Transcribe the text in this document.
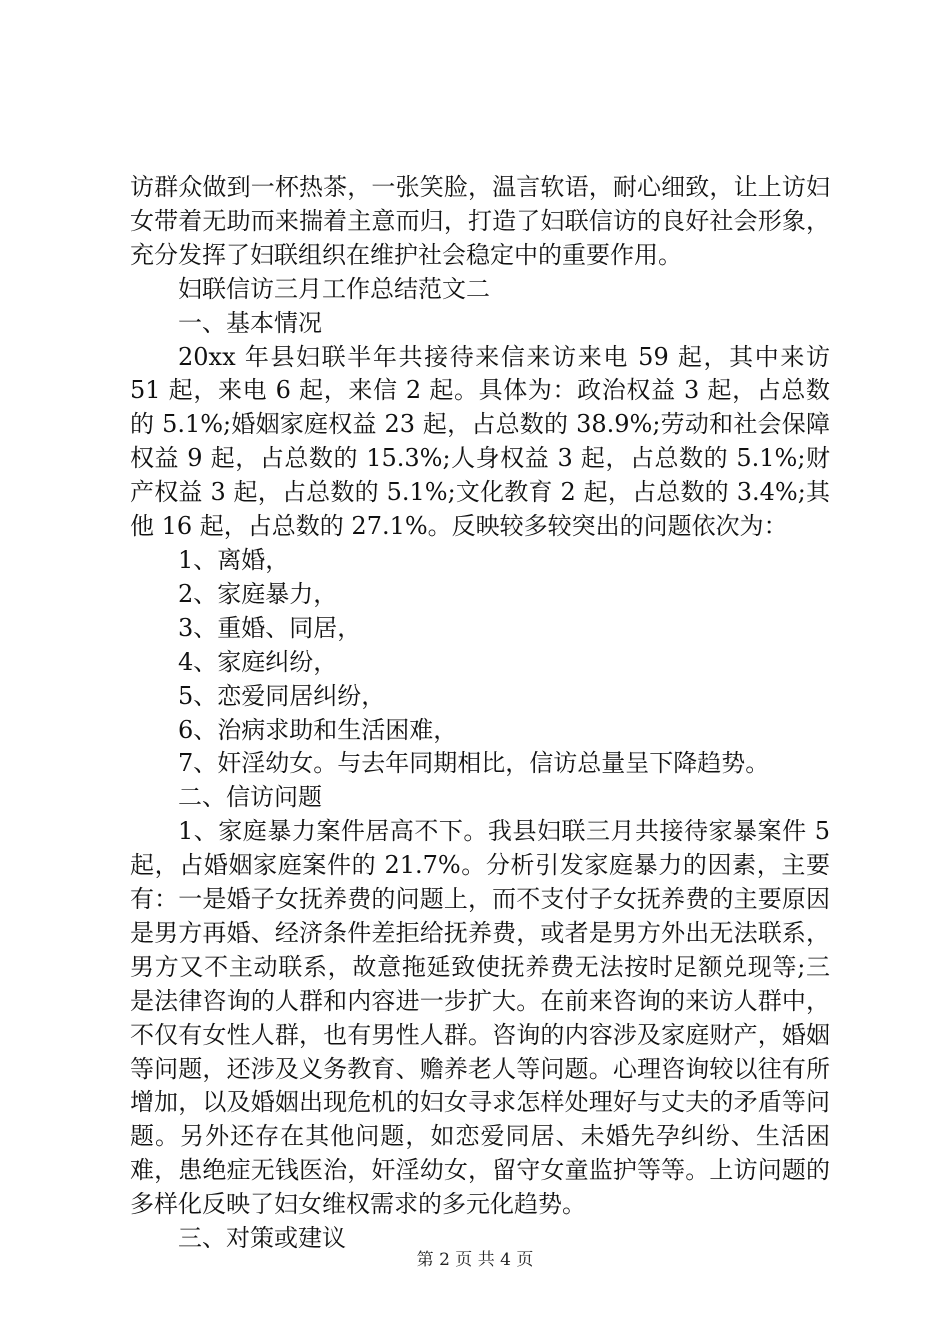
访群众做到一杯热茶，一张笑脸，温言软语，耐心细致，让上访妇女带着无助而来揣着主意而归，打造了妇联信访的良好社会形象，充分发挥了妇联组织在维护社会稳定中的重要作用。

妇联信访三月工作总结范文二

一、基本情况

20xx 年县妇联半年共接待来信来访来电 59 起，其中来访 51 起，来电 6 起，来信 2 起。具体为：政治权益 3 起，占总数的 5.1%;婚姻家庭权益 23 起，占总数的 38.9%;劳动和社会保障权益 9 起，占总数的 15.3%;人身权益 3 起，占总数的 5.1%;财产权益 3 起，占总数的 5.1%;文化教育 2 起，占总数的 3.4%;其他 16 起，占总数的 27.1%。反映较多较突出的问题依次为：

1、离婚，

2、家庭暴力，

3、重婚、同居，

4、家庭纠纷，

5、恋爱同居纠纷，

6、治病求助和生活困难，

7、奸淫幼女。与去年同期相比，信访总量呈下降趋势。

二、信访问题

1、家庭暴力案件居高不下。我县妇联三月共接待家暴案件 5 起，占婚姻家庭案件的 21.7%。分析引发家庭暴力的因素，主要有：一是婚子女抚养费的问题上，而不支付子女抚养费的主要原因是男方再婚、经济条件差拒给抚养费，或者是男方外出无法联系，男方又不主动联系，故意拖延致使抚养费无法按时足额兑现等;三是法律咨询的人群和内容进一步扩大。在前来咨询的来访人群中，不仅有女性人群，也有男性人群。咨询的内容涉及家庭财产，婚姻等问题，还涉及义务教育、赡养老人等问题。心理咨询较以往有所增加，以及婚姻出现危机的妇女寻求怎样处理好与丈夫的矛盾等问题。另外还存在其他问题，如恋爱同居、未婚先孕纠纷、生活困难，患绝症无钱医治，奸淫幼女，留守女童监护等等。上访问题的多样化反映了妇女维权需求的多元化趋势。

三、对策或建议

第 2 页 共 4 页
